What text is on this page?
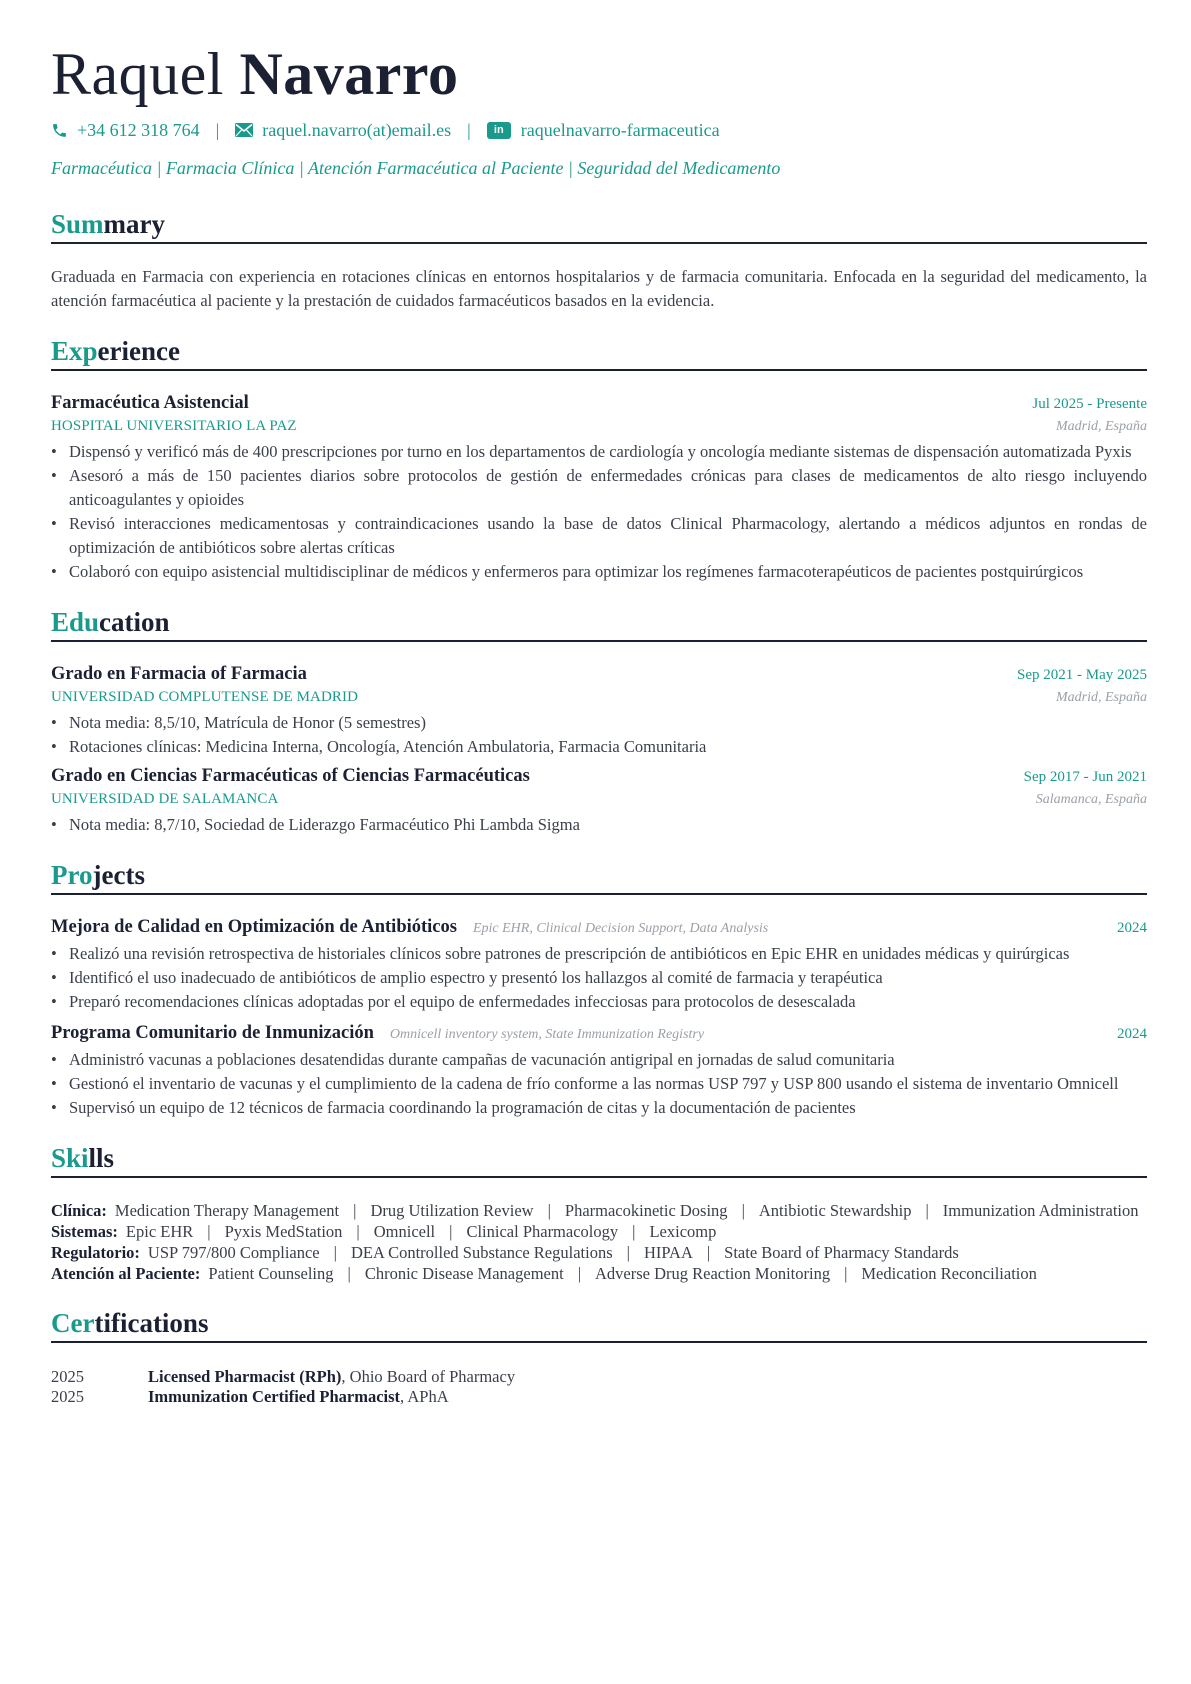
Raquel Navarro
+34 612 318 764 | raquel.navarro(at)email.es |	in raquelnavarro-farmaceutica
Farmacéutica | Farmacia Clínica | Atención Farmacéutica al Paciente | Seguridad del Medicamento
Summary

Graduada en Farmacia con experiencia en rotaciones clínicas en entornos hospitalarios y de farmacia comunitaria. Enfocada en la seguridad del medicamento, la atención farmacéutica al paciente y la prestación de cuidados farmacéuticos basados en la evidencia.

Experience
Farmacéutica Asistencial	Jul 2025 - Presente
HOSPITAL UNIVERSITARIO LA PAZ	Madrid, España
• Dispensó y verificó más de 400 prescripciones por turno en los departamentos de cardiología y oncología mediante sistemas de dispensación automatizada Pyxis
• Asesoró a más de 150 pacientes diarios sobre protocolos de gestión de enfermedades crónicas para clases de medicamentos de alto riesgo incluyendo anticoagulantes y opioides
• Revisó interacciones medicamentosas y contraindicaciones usando la base de datos Clinical Pharmacology, alertando a médicos adjuntos en rondas de optimización de antibióticos sobre alertas críticas
• Colaboró con equipo asistencial multidisciplinar de médicos y enfermeros para optimizar los regímenes farmacoterapéuticos de pacientes postquirúrgicos
Education
Grado en Farmacia of Farmacia	Sep 2021 - May 2025
UNIVERSIDAD COMPLUTENSE DE MADRID	Madrid, España
• Nota media: 8,5/10, Matrícula de Honor (5 semestres)
• Rotaciones clínicas: Medicina Interna, Oncología, Atención Ambulatoria, Farmacia Comunitaria
Grado en Ciencias Farmacéuticas of Ciencias Farmacéuticas	Sep 2017 - Jun 2021
UNIVERSIDAD DE SALAMANCA	Salamanca, España
• Nota media: 8,7/10, Sociedad de Liderazgo Farmacéutico Phi Lambda Sigma
Projects
Mejora de Calidad en Optimización de Antibióticos Epic EHR, Clinical Decision Support, Data Analysis	2024
• Realizó una revisión retrospectiva de historiales clínicos sobre patrones de prescripción de antibióticos en Epic EHR en unidades médicas y quirúrgicas
• Identificó el uso inadecuado de antibióticos de amplio espectro y presentó los hallazgos al comité de farmacia y terapéutica
• Preparó recomendaciones clínicas adoptadas por el equipo de enfermedades infecciosas para protocolos de desescalada
Programa Comunitario de Inmunización Omnicell inventory system, State Immunization Registry	2024
• Administró vacunas a poblaciones desatendidas durante campañas de vacunación antigripal en jornadas de salud comunitaria
• Gestionó el inventario de vacunas y el cumplimiento de la cadena de frío conforme a las normas USP 797 y USP 800 usando el sistema de inventario Omnicell
• Supervisó un equipo de 12 técnicos de farmacia coordinando la programación de citas y la documentación de pacientes
Skills
Clínica: Medication Therapy Management | Drug Utilization Review | Pharmacokinetic Dosing | Antibiotic Stewardship | Immunization Administration
Sistemas: Epic EHR | Pyxis MedStation | Omnicell | Clinical Pharmacology | Lexicomp
Regulatorio: USP 797/800 Compliance | DEA Controlled Substance Regulations | HIPAA | State Board of Pharmacy Standards
Atención al Paciente: Patient Counseling | Chronic Disease Management | Adverse Drug Reaction Monitoring | Medication Reconciliation
Certifications
2025	Licensed Pharmacist (RPh), Ohio Board of Pharmacy
2025	Immunization Certified Pharmacist, APhA
